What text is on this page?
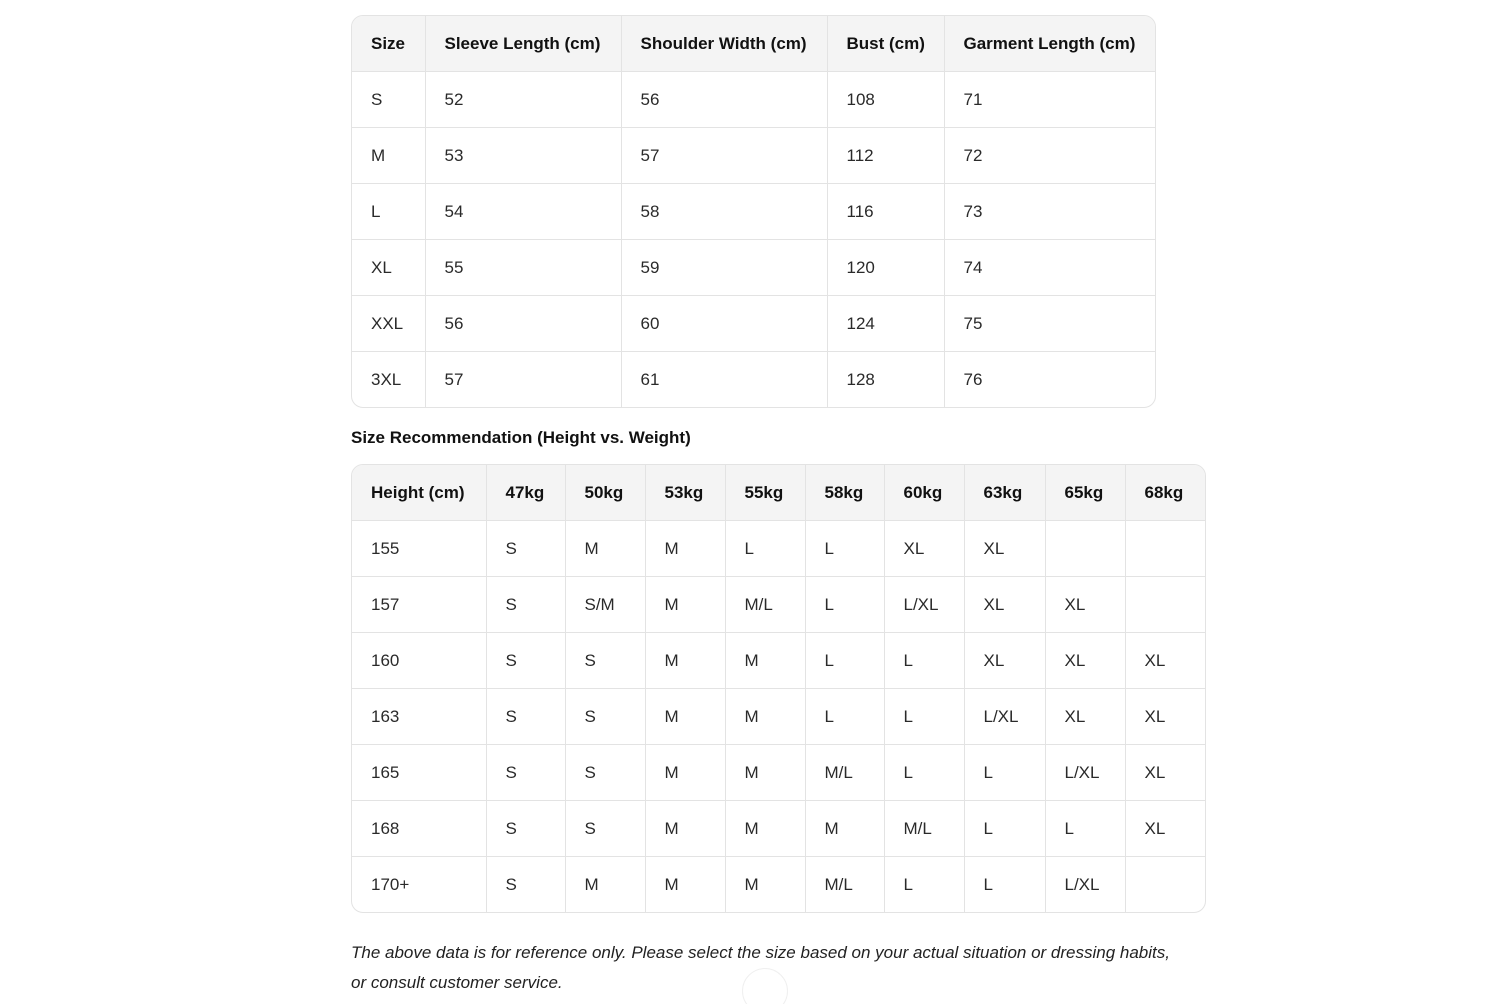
Size	Sleeve Length (cm)	Shoulder Width (cm)	Bust (cm)	Garment Length (cm)
S	52	56	108	71
M	53	57	112	72
L	54	58	116	73
XL	55	59	120	74
XXL	56	60	124	75
3XL	57	61	128	76
Size Recommendation (Height vs. Weight)
Height (cm)	47kg	50kg	53kg	55kg	58kg	60kg	63kg	65kg	68kg
155	S	M	M	L	L	XL	XL		
157	S	S/M	M	M/L	L	L/XL	XL	XL	
160	S	S	M	M	L	L	XL	XL	XL
163	S	S	M	M	L	L	L/XL	XL	XL
165	S	S	M	M	M/L	L	L	L/XL	XL
168	S	S	M	M	M	M/L	L	L	XL
170+	S	M	M	M	M/L	L	L	L/XL	

The above data is for reference only. Please select the size based on your actual situation or dressing habits, or consult customer service.
